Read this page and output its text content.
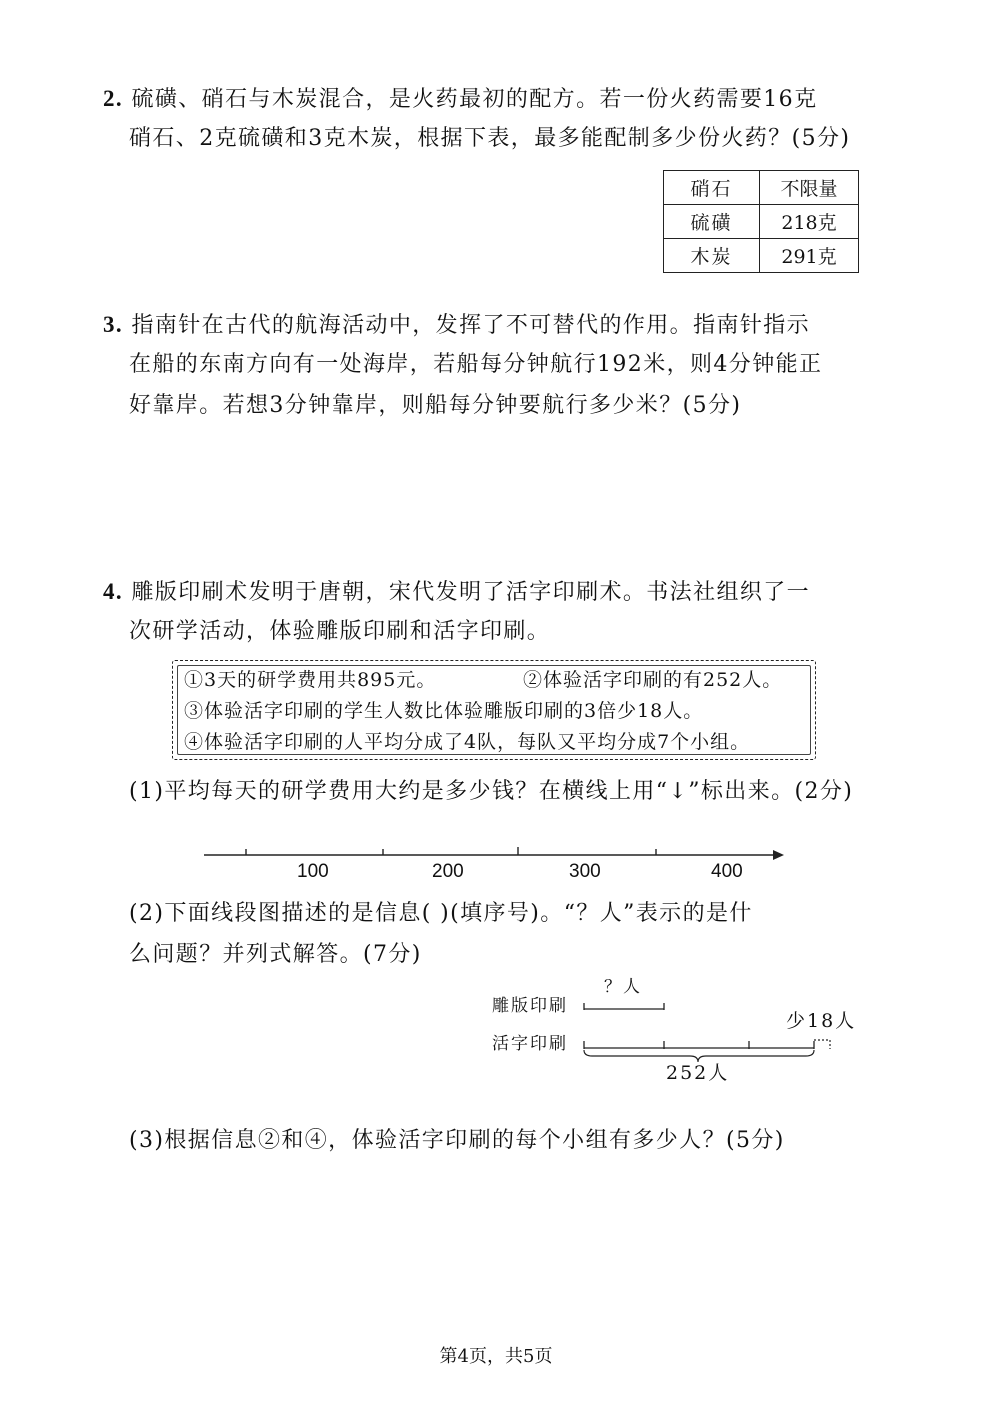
2. 硫磺、硝石与木炭混合，是火药最初的配方。若一份火药需要16克
硝石、2克硫磺和3克木炭，根据下表，最多能配制多少份火药？(5分)
硝石	不限量
硫磺	218克
木炭	291克
3. 指南针在古代的航海活动中，发挥了不可替代的作用。指南针指示
在船的东南方向有一处海岸，若船每分钟航行192米，则4分钟能正
好靠岸。若想3分钟靠岸，则船每分钟要航行多少米？(5分)
4. 雕版印刷术发明于唐朝，宋代发明了活字印刷术。书法社组织了一
次研学活动，体验雕版印刷和活字印刷。
①3天的研学费用共895元。	②体验活字印刷的有252人。
③体验活字印刷的学生人数比体验雕版印刷的3倍少18人。
④体验活字印刷的人平均分成了4队，每队又平均分成7个小组。
(1)平均每天的研学费用大约是多少钱？在横线上用“↓”标出来。(2分)
100	200	300	400
(2)下面线段图描述的是信息( )(填序号)。“？人”表示的是什
么问题？并列式解答。(7分)
雕版印刷
活字印刷
？人
少18人
252人
(3)根据信息②和④，体验活字印刷的每个小组有多少人？(5分)
第4页，共5页
